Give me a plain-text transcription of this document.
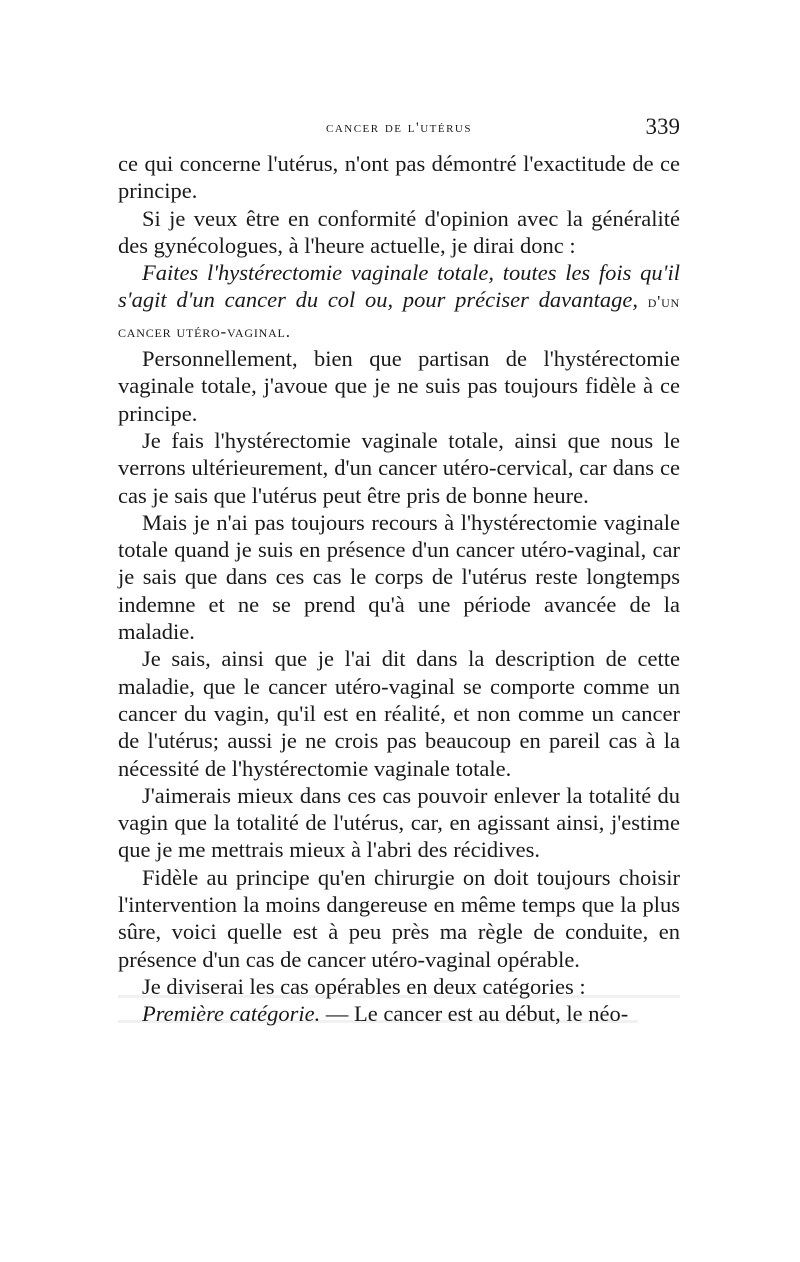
cancer de l'utérus	339

ce qui concerne l'utérus, n'ont pas démontré l'exactitude de ce principe.

Si je veux être en conformité d'opinion avec la généralité des gynécologues, à l'heure actuelle, je dirai donc :

Faites l'hystérectomie vaginale totale, toutes les fois qu'il s'agit d'un cancer du col ou, pour préciser davantage, d'un cancer utéro-vaginal.

Personnellement, bien que partisan de l'hystérectomie vaginale totale, j'avoue que je ne suis pas toujours fidèle à ce principe.

Je fais l'hystérectomie vaginale totale, ainsi que nous le verrons ultérieurement, d'un cancer utéro-cervical, car dans ce cas je sais que l'utérus peut être pris de bonne heure.

Mais je n'ai pas toujours recours à l'hystérectomie vaginale totale quand je suis en présence d'un cancer utéro-vaginal, car je sais que dans ces cas le corps de l'utérus reste longtemps indemne et ne se prend qu'à une période avancée de la maladie.

Je sais, ainsi que je l'ai dit dans la description de cette maladie, que le cancer utéro-vaginal se comporte comme un cancer du vagin, qu'il est en réalité, et non comme un cancer de l'utérus; aussi je ne crois pas beaucoup en pareil cas à la nécessité de l'hystérectomie vaginale totale.

J'aimerais mieux dans ces cas pouvoir enlever la totalité du vagin que la totalité de l'utérus, car, en agissant ainsi, j'estime que je me mettrais mieux à l'abri des récidives.

Fidèle au principe qu'en chirurgie on doit toujours choisir l'intervention la moins dangereuse en même temps que la plus sûre, voici quelle est à peu près ma règle de conduite, en présence d'un cas de cancer utéro-vaginal opérable.

Je diviserai les cas opérables en deux catégories :

Première catégorie. — Le cancer est au début, le néo-
